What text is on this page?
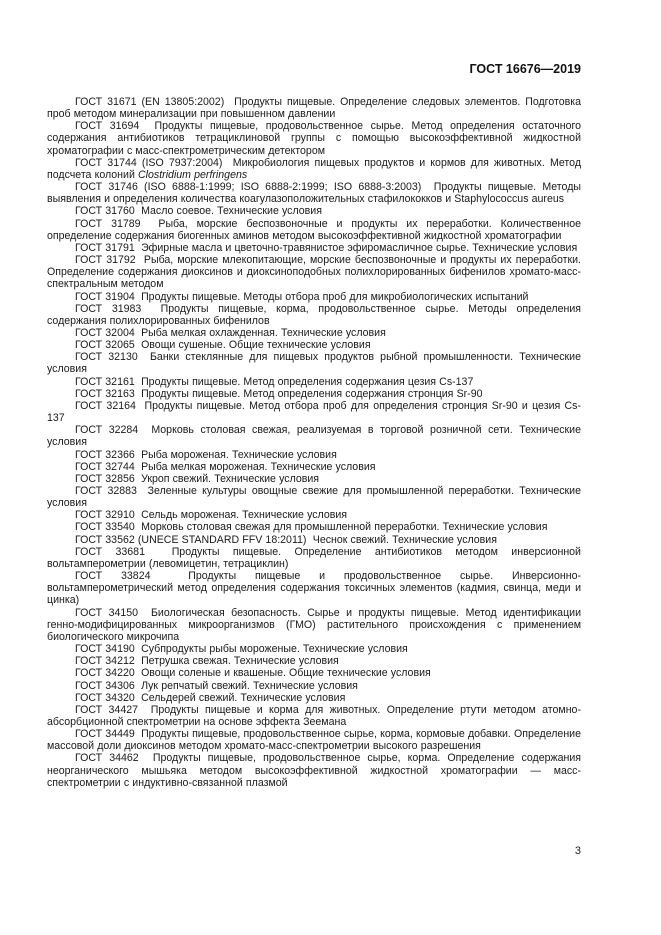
ГОСТ 16676—2019

ГОСТ 31671 (EN 13805:2002) Продукты пищевые. Определение следовых элементов. Подготовка проб методом минерализации при повышенном давлении

ГОСТ 31694 Продукты пищевые, продовольственное сырье. Метод определения остаточного содержания антибиотиков тетрациклиновой группы с помощью высокоэффективной жидкостной хроматографии с масс-спектрометрическим детектором

ГОСТ 31744 (ISO 7937:2004) Микробиология пищевых продуктов и кормов для животных. Метод подсчета колоний Clostridium perfringens

ГОСТ 31746 (ISO 6888-1:1999; ISO 6888-2:1999; ISO 6888-3:2003) Продукты пищевые. Методы выявления и определения количества коагулазоположительных стафилококков и Staphylococcus aureus

ГОСТ 31760 Масло соевое. Технические условия

ГОСТ 31789 Рыба, морские беспозвоночные и продукты их переработки. Количественное определение содержания биогенных аминов методом высокоэффективной жидкостной хроматографии

ГОСТ 31791 Эфирные масла и цветочно-травянистое эфиромасличное сырье. Технические условия

ГОСТ 31792 Рыба, морские млекопитающие, морские беспозвоночные и продукты их переработки. Определение содержания диоксинов и диоксиноподобных полихлорированных бифенилов хромато-масс-спектральным методом

ГОСТ 31904 Продукты пищевые. Методы отбора проб для микробиологических испытаний

ГОСТ 31983 Продукты пищевые, корма, продовольственное сырье. Методы определения содержания полихлорированных бифенилов

ГОСТ 32004 Рыба мелкая охлажденная. Технические условия

ГОСТ 32065 Овощи сушеные. Общие технические условия

ГОСТ 32130 Банки стеклянные для пищевых продуктов рыбной промышленности. Технические условия

ГОСТ 32161 Продукты пищевые. Метод определения содержания цезия Cs-137

ГОСТ 32163 Продукты пищевые. Метод определения содержания стронция Sr-90

ГОСТ 32164 Продукты пищевые. Метод отбора проб для определения стронция Sr-90 и цезия Cs-137

ГОСТ 32284 Морковь столовая свежая, реализуемая в торговой розничной сети. Технические условия

ГОСТ 32366 Рыба мороженая. Технические условия

ГОСТ 32744 Рыба мелкая мороженая. Технические условия

ГОСТ 32856 Укроп свежий. Технические условия

ГОСТ 32883 Зеленные культуры овощные свежие для промышленной переработки. Технические условия

ГОСТ 32910 Сельдь мороженая. Технические условия

ГОСТ 33540 Морковь столовая свежая для промышленной переработки. Технические условия

ГОСТ 33562 (UNECE STANDARD FFV 18:2011) Чеснок свежий. Технические условия

ГОСТ 33681	Продукты пищевые. Определение антибиотиков методом инверсионной вольтамперометрии (левомицетин, тетрациклин)

ГОСТ 33824	Продукты пищевые и продовольственное сырье. Инверсионно-вольтамперометрический метод определения содержания токсичных элементов (кадмия, свинца, меди и цинка)

ГОСТ 34150 Биологическая безопасность. Сырье и продукты пищевые. Метод идентификации генно-модифицированных микроорганизмов (ГМО) растительного происхождения с применением биологического микрочипа

ГОСТ 34190 Субпродукты рыбы мороженые. Технические условия

ГОСТ 34212 Петрушка свежая. Технические условия

ГОСТ 34220 Овощи соленые и квашеные. Общие технические условия

ГОСТ 34306 Лук репчатый свежий. Технические условия

ГОСТ 34320 Сельдерей свежий. Технические условия

ГОСТ 34427 Продукты пищевые и корма для животных. Определение ртути методом атомно-абсорбционной спектрометрии на основе эффекта Зеемана

ГОСТ 34449 Продукты пищевые, продовольственное сырье, корма, кормовые добавки. Определение массовой доли диоксинов методом хромато-масс-спектрометрии высокого разрешения

ГОСТ 34462 Продукты пищевые, продовольственное сырье, корма. Определение содержания неорганического мышьяка методом высокоэффективной жидкостной хроматографии — масс-спектрометрии с индуктивно-связанной плазмой

3
